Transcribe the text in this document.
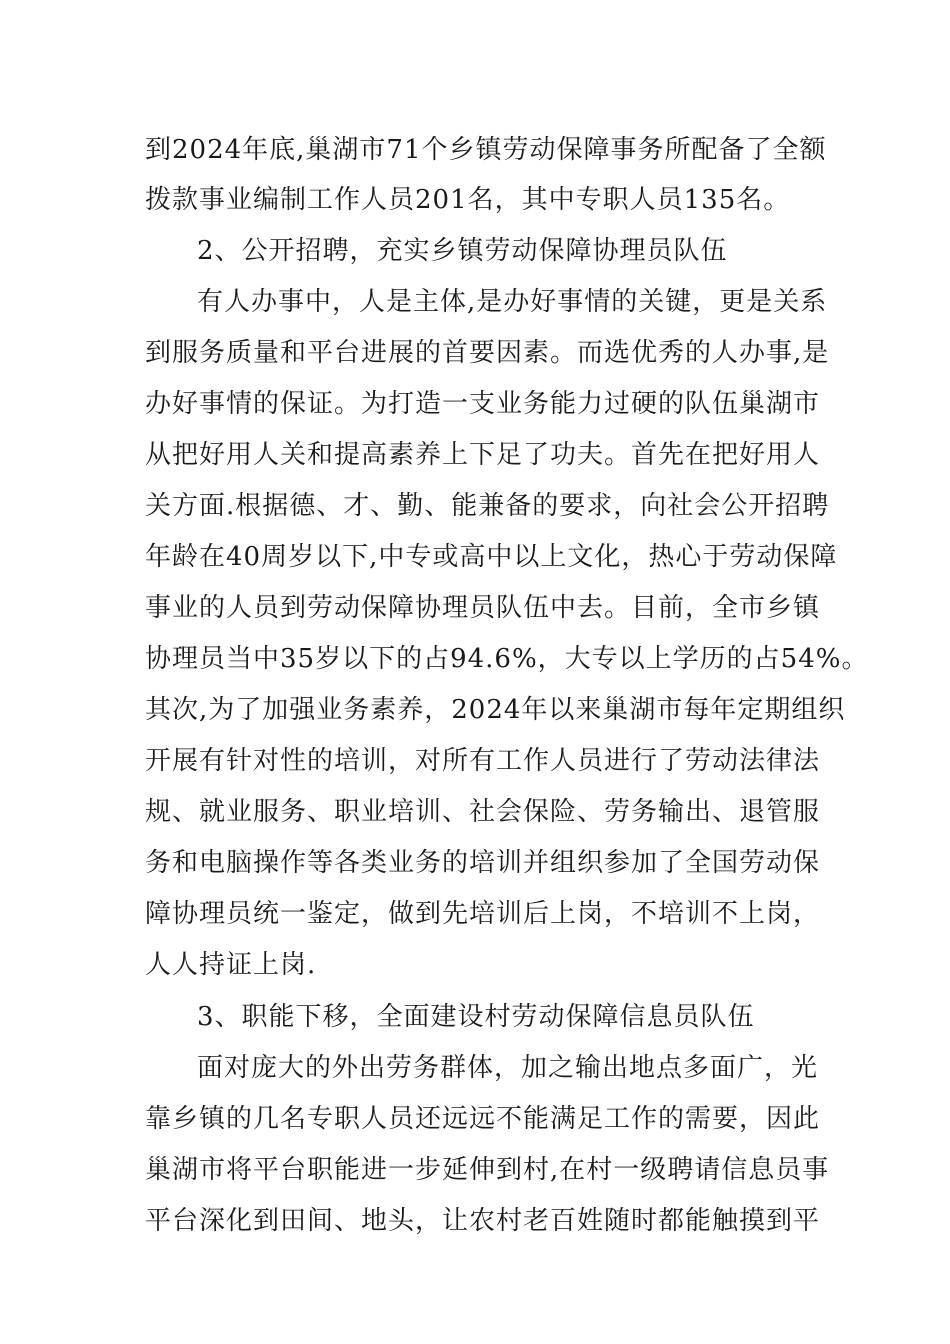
到2024年底,巢湖市71个乡镇劳动保障事务所配备了全额
拨款事业编制工作人员201名，其中专职人员135名。
2、公开招聘，充实乡镇劳动保障协理员队伍
有人办事中，人是主体,是办好事情的关键，更是关系
到服务质量和平台进展的首要因素。而选优秀的人办事,是
办好事情的保证。为打造一支业务能力过硬的队伍巢湖市
从把好用人关和提高素养上下足了功夫。首先在把好用人
关方面.根据德、才、勤、能兼备的要求，向社会公开招聘
年龄在40周岁以下,中专或高中以上文化，热心于劳动保障
事业的人员到劳动保障协理员队伍中去。目前，全市乡镇
协理员当中35岁以下的占94.6%，大专以上学历的占54%。
其次,为了加强业务素养，2024年以来巢湖市每年定期组织
开展有针对性的培训，对所有工作人员进行了劳动法律法
规、就业服务、职业培训、社会保险、劳务输出、退管服
务和电脑操作等各类业务的培训并组织参加了全国劳动保
障协理员统一鉴定，做到先培训后上岗，不培训不上岗，
人人持证上岗.
3、职能下移，全面建设村劳动保障信息员队伍
面对庞大的外出劳务群体，加之输出地点多面广，光
靠乡镇的几名专职人员还远远不能满足工作的需要，因此
巢湖市将平台职能进一步延伸到村,在村一级聘请信息员事
平台深化到田间、地头，让农村老百姓随时都能触摸到平
